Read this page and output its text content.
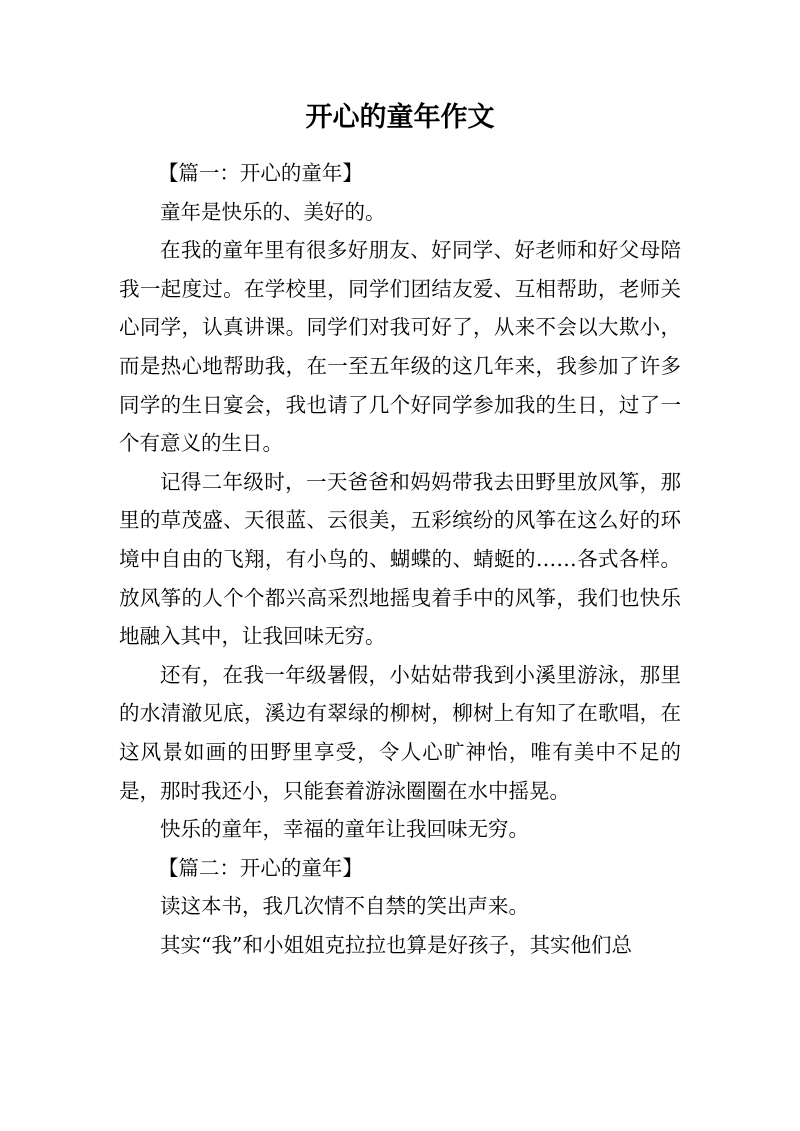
开心的童年作文

【篇一：开心的童年】

童年是快乐的、美好的。

在我的童年里有很多好朋友、好同学、好老师和好父母陪我一起度过。在学校里，同学们团结友爱、互相帮助，老师关心同学，认真讲课。同学们对我可好了，从来不会以大欺小，而是热心地帮助我，在一至五年级的这几年来，我参加了许多同学的生日宴会，我也请了几个好同学参加我的生日，过了一个有意义的生日。

记得二年级时，一天爸爸和妈妈带我去田野里放风筝，那里的草茂盛、天很蓝、云很美，五彩缤纷的风筝在这么好的环境中自由的飞翔，有小鸟的、蝴蝶的、蜻蜓的……各式各样。放风筝的人个个都兴高采烈地摇曳着手中的风筝，我们也快乐地融入其中，让我回味无穷。

还有，在我一年级暑假，小姑姑带我到小溪里游泳，那里的水清澈见底，溪边有翠绿的柳树，柳树上有知了在歌唱，在这风景如画的田野里享受，令人心旷神怡，唯有美中不足的是，那时我还小，只能套着游泳圈圈在水中摇晃。

快乐的童年，幸福的童年让我回味无穷。

【篇二：开心的童年】

读这本书，我几次情不自禁的笑出声来。

其实“我”和小姐姐克拉拉也算是好孩子，其实他们总
